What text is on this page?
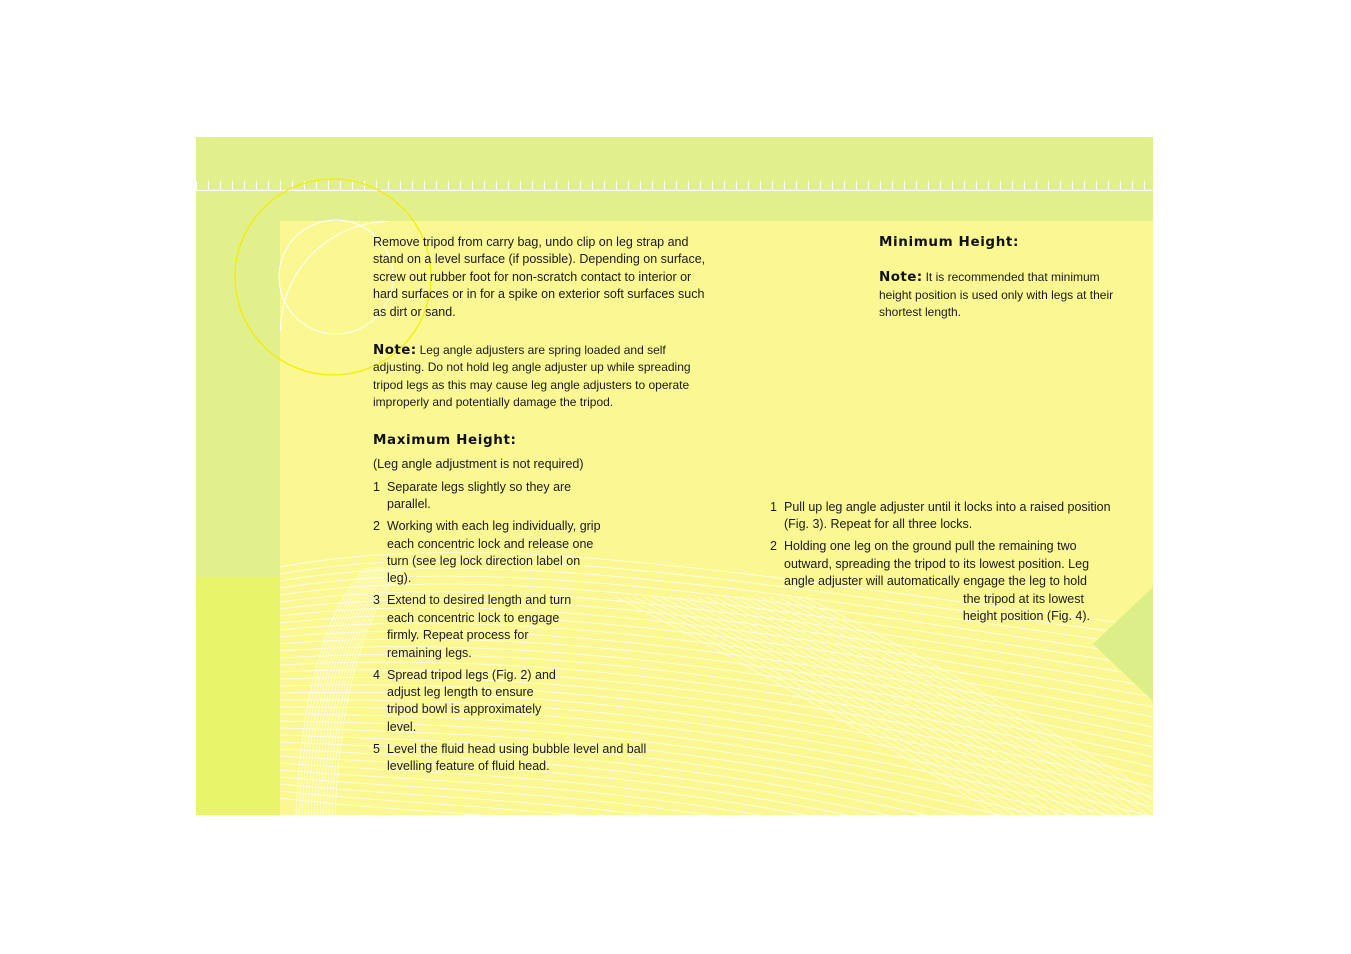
Remove tripod from carry bag, undo clip on leg strap and stand on a level surface (if possible). Depending on surface, screw out rubber foot for non-scratch contact to interior or hard surfaces or in for a spike on exterior soft surfaces such as dirt or sand.

Note: Leg angle adjusters are spring loaded and self adjusting. Do not hold leg angle adjuster up while spreading tripod legs as this may cause leg angle adjusters to operate improperly and potentially damage the tripod.

Maximum Height:

(Leg angle adjustment is not required)

1 Separate legs slightly so they are parallel.
2 Working with each leg individually, grip each concentric lock and release one turn (see leg lock direction label on leg).
3 Extend to desired length and turn each concentric lock to engage firmly. Repeat process for remaining legs.
4 Spread tripod legs (Fig. 2) and adjust leg length to ensure tripod bowl is approximately level.
5 Level the fluid head using bubble level and ball levelling feature of fluid head.
Minimum Height:

Note: It is recommended that minimum height position is used only with legs at their shortest length.

1 Pull up leg angle adjuster until it locks into a raised position (Fig. 3). Repeat for all three locks.
2 Holding one leg on the ground pull the remaining two outward, spreading the tripod to its lowest position. Leg angle adjuster will automatically engage the leg to hold

the tripod at its lowest

height position (Fig. 4).
